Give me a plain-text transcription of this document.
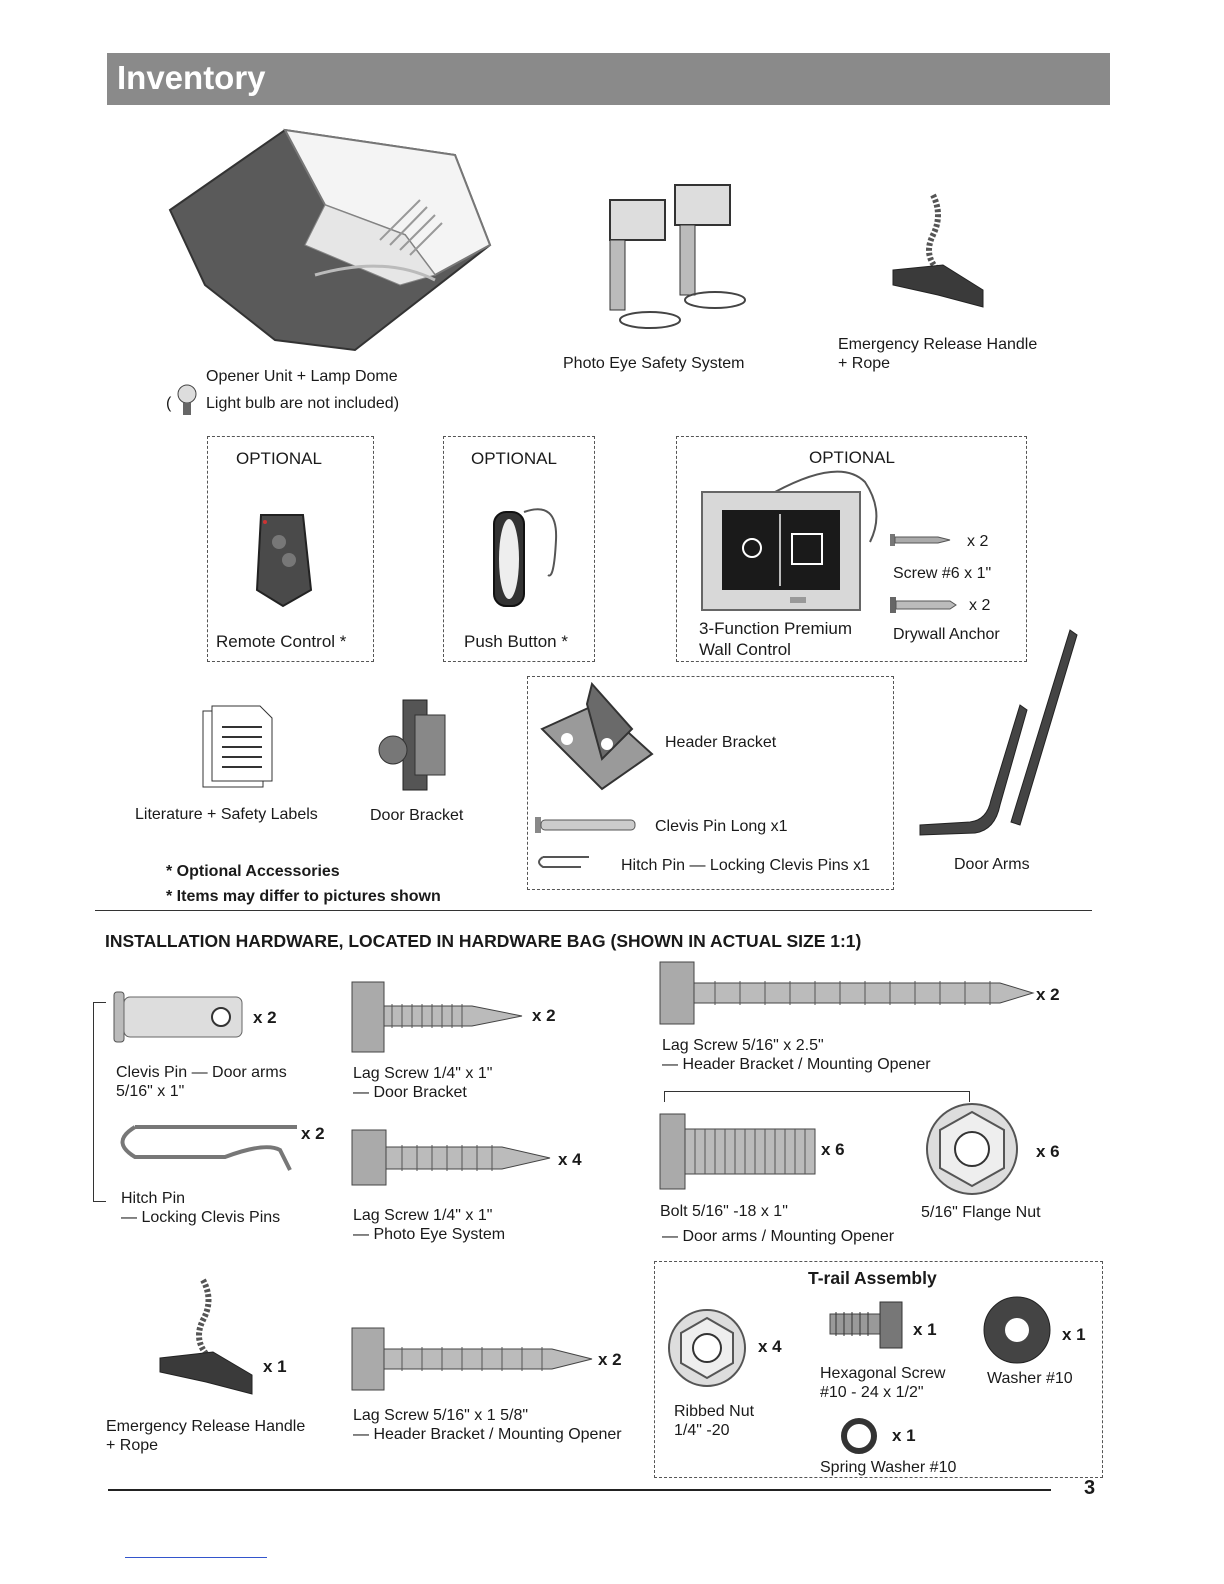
Inventory
Opener Unit + Lamp Dome
( Light bulb are not included)
Photo Eye Safety System
Emergency Release Handle
+ Rope
OPTIONAL
Remote Control *
OPTIONAL
Push Button *
OPTIONAL
x 2
Screw #6 x 1"
x 2
Drywall Anchor
3-Function Premium
Wall Control
Literature + Safety Labels	Door Bracket
Header Bracket
Clevis Pin Long x1
Hitch Pin — Locking Clevis Pins x1	Door Arms
* Optional Accessories
* Items may differ to pictures shown
INSTALLATION HARDWARE, LOCATED IN HARDWARE BAG (SHOWN IN ACTUAL SIZE 1:1)
x 2
Clevis Pin — Door arms
5/16" x 1"
x 2
Hitch Pin
— Locking Clevis Pins
x 2
Lag Screw 1/4" x 1"
— Door Bracket
x 4
Lag Screw 1/4" x 1"
— Photo Eye System
x 2
Lag Screw 5/16" x 2.5"
— Header Bracket / Mounting Opener
x 6
Bolt 5/16" -18 x 1"
— Door arms / Mounting Opener
x 6
5/16" Flange Nut
x 1
Emergency Release Handle
+ Rope
x 2
Lag Screw 5/16" x 1 5/8"
— Header Bracket / Mounting Opener
T-rail Assembly
x 4
Ribbed Nut
1/4" -20
x 1
Hexagonal Screw
#10 - 24 x 1/2"
x 1
Washer #10
x 1
Spring Washer #10
3
